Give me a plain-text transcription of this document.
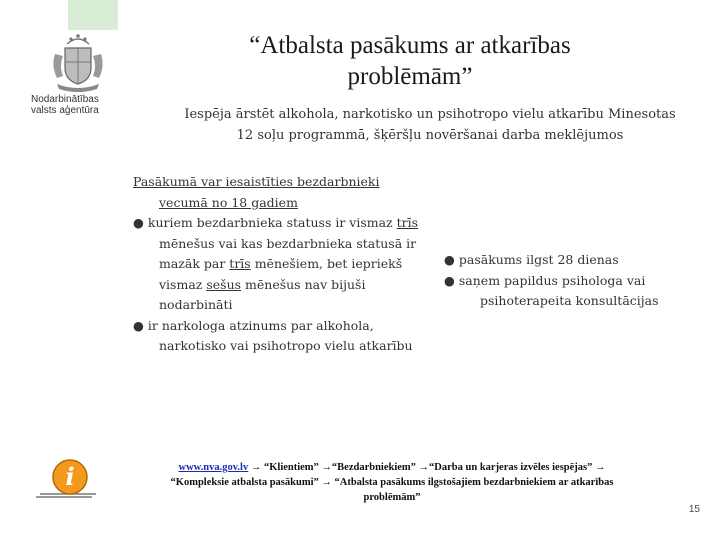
Nodarbinātības
valsts aģentūra
“Atbalsta pasākums ar atkarības
problēmām”
Iespēja ārstēt alkohola, narkotisko un psihotropo vielu atkarību Minesotas
12 soļu programmā, šķēršļu novēršanai darba meklējumos
Pasākumā var iesaistīties bezdarbnieki
vecumā no 18 gadiem
● kuriem bezdarbnieka statuss ir vismaz trīs
mēnešus vai kas bezdarbnieka statusā ir
mazāk par trīs mēnešiem, bet iepriekš
vismaz sešus mēnešus nav bijuši
nodarbināti
● ir narkologa atzinums par alkohola,
narkotisko vai psihotropo vielu atkarību
● pasākums ilgst 28 dienas
● saņem papildus psihologa vai
psihoterapeita konsultācijas
i	www.nva.gov.lv → “Klientiem” →“Bezdarbniekiem” →“Darba un karjeras izvēles iespējas” →
“Kompleksie atbalsta pasākumi” → “Atbalsta pasākums ilgstošajiem bezdarbniekiem ar atkarības
problēmām”
15
